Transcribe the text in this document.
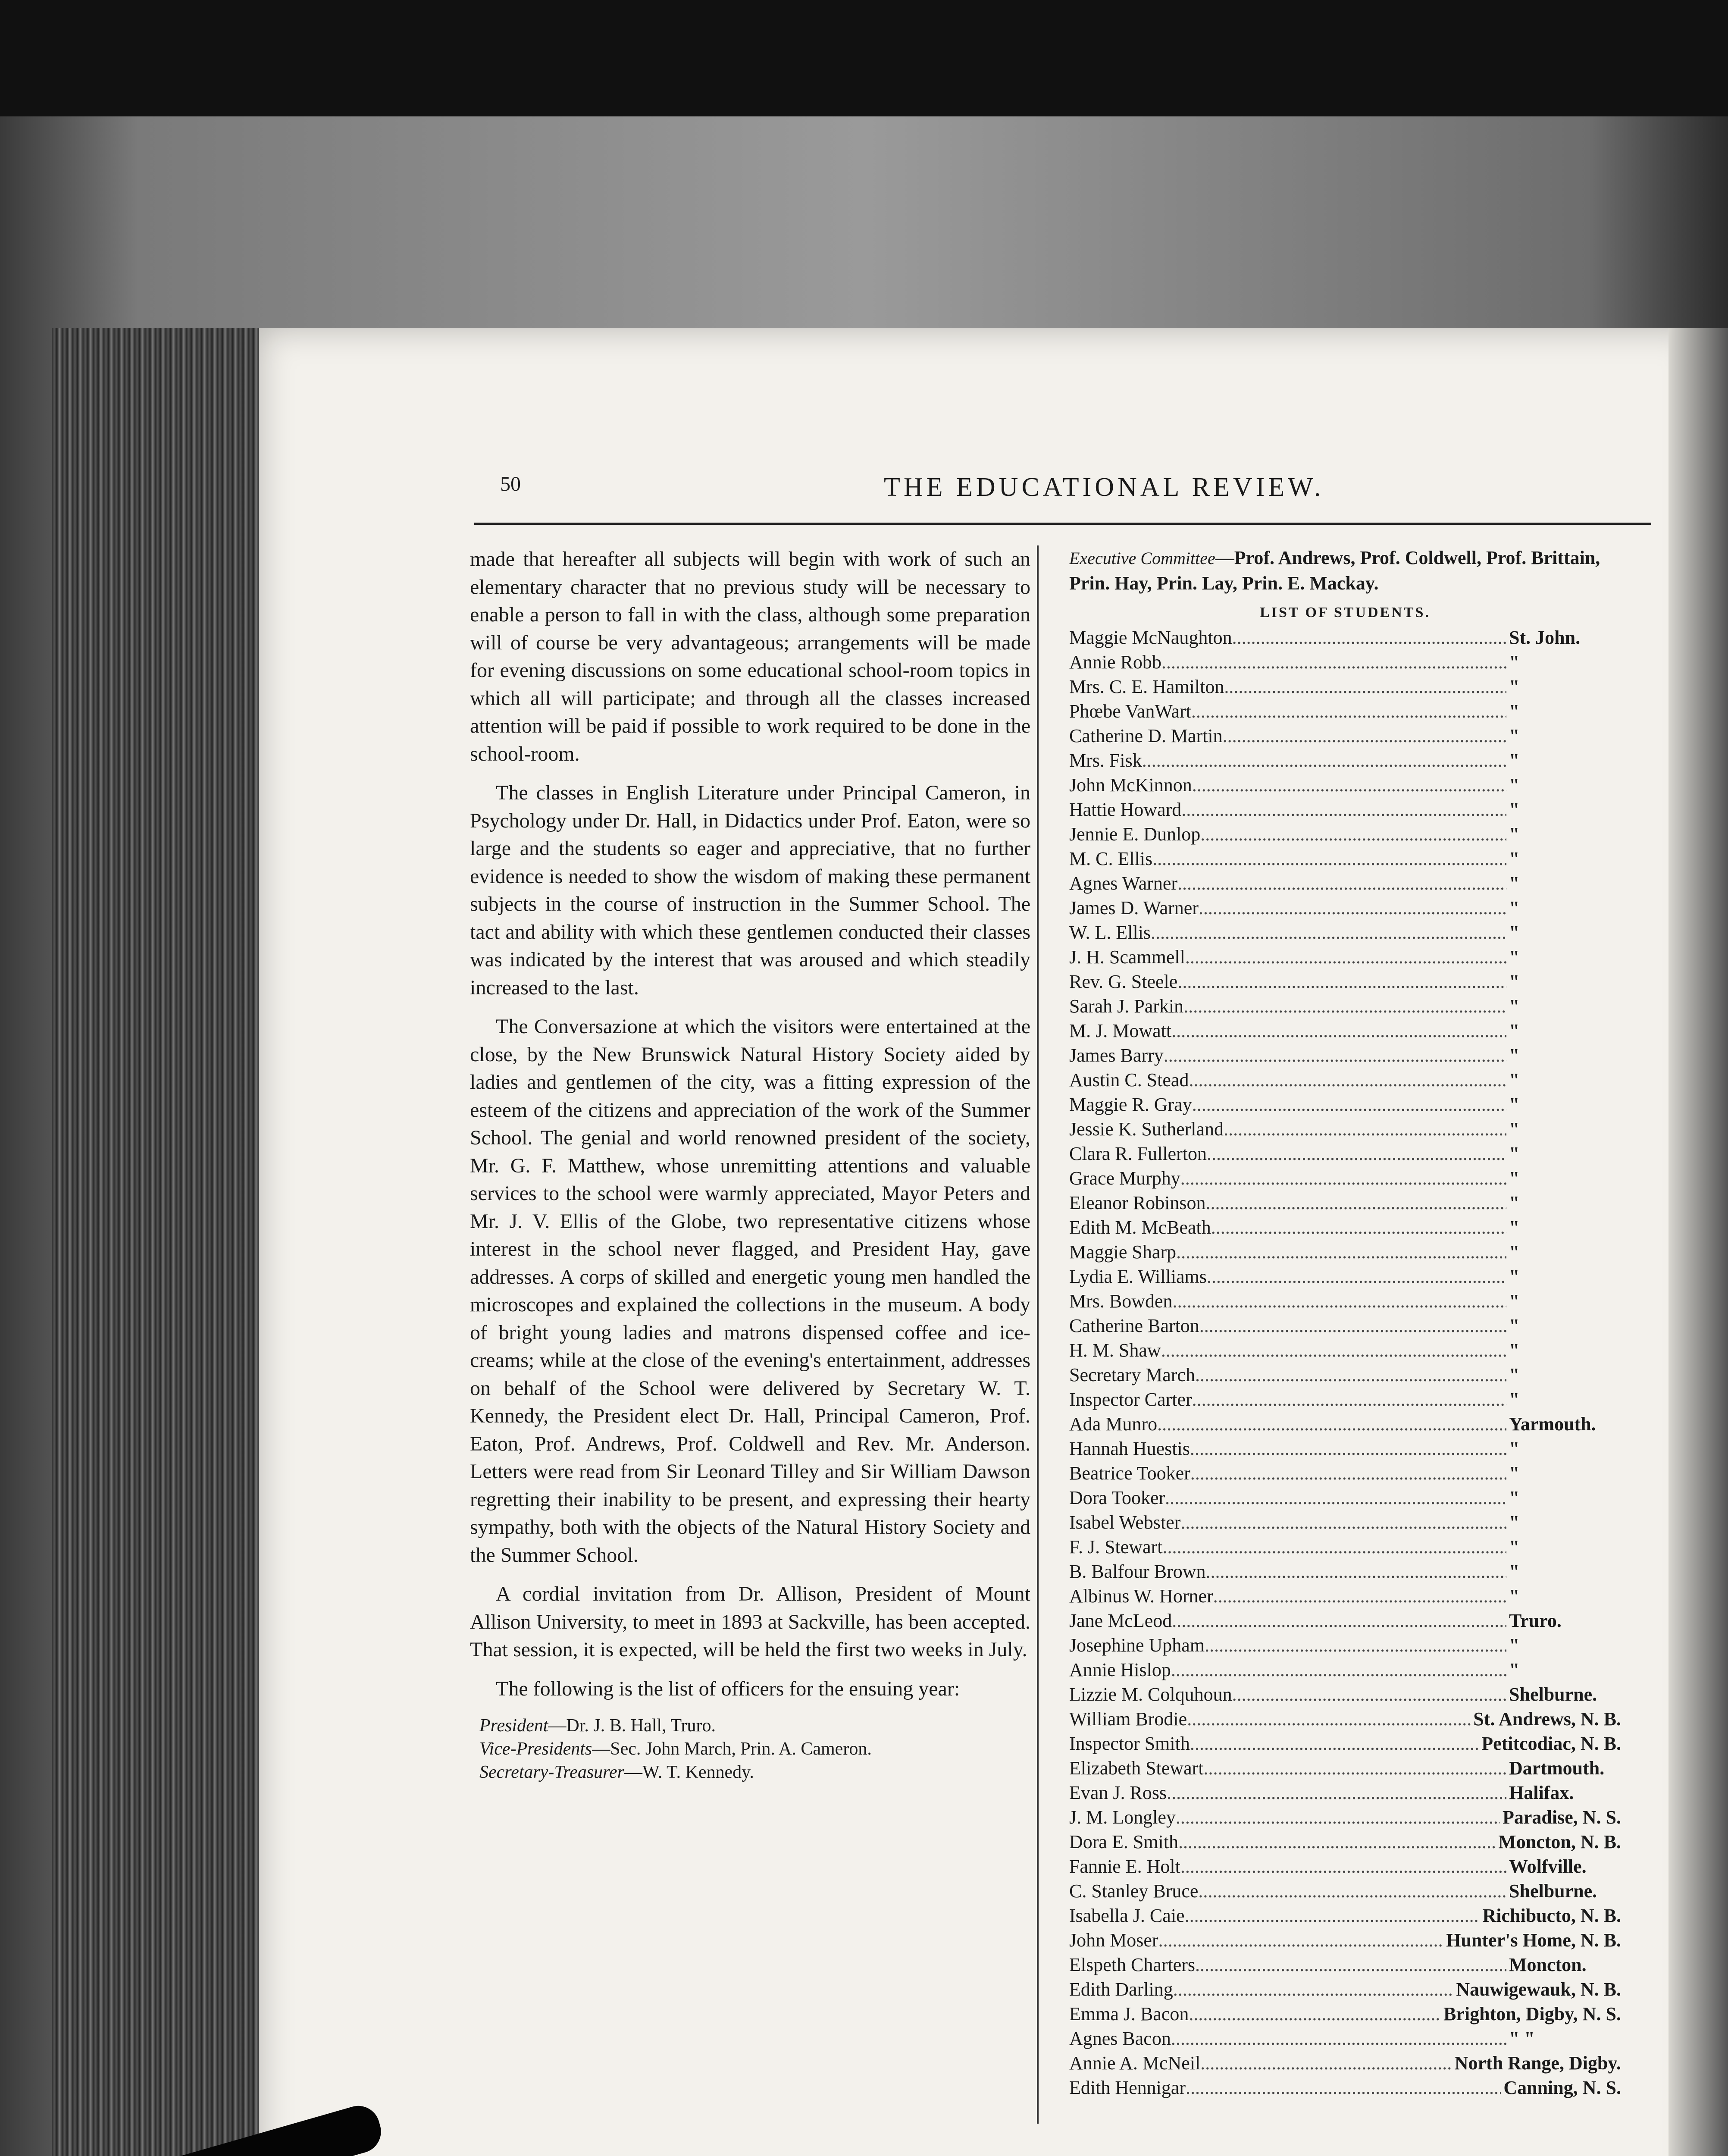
50	THE EDUCATIONAL REVIEW.

made that hereafter all subjects will begin with work of such an elementary character that no previous study will be necessary to enable a person to fall in with the class, although some preparation will of course be very advantageous; arrangements will be made for evening discussions on some educational school-room topics in which all will participate; and through all the classes increased attention will be paid if possible to work required to be done in the school-room.

The classes in English Literature under Principal Cameron, in Psychology under Dr. Hall, in Didactics under Prof. Eaton, were so large and the students so eager and appreciative, that no further evidence is needed to show the wisdom of making these permanent subjects in the course of instruction in the Summer School. The tact and ability with which these gentlemen conducted their classes was indicated by the interest that was aroused and which steadily increased to the last.

The Conversazione at which the visitors were entertained at the close, by the New Brunswick Natural History Society aided by ladies and gentlemen of the city, was a fitting expression of the esteem of the citizens and appreciation of the work of the Summer School. The genial and world renowned president of the society, Mr. G. F. Matthew, whose unremitting attentions and valuable services to the school were warmly appreciated, Mayor Peters and Mr. J. V. Ellis of the Globe, two representative citizens whose interest in the school never flagged, and President Hay, gave addresses. A corps of skilled and energetic young men handled the microscopes and explained the collections in the museum. A body of bright young ladies and matrons dispensed coffee and ice-creams; while at the close of the evening's entertainment, addresses on behalf of the School were delivered by Secretary W. T. Kennedy, the President elect Dr. Hall, Principal Cameron, Prof. Eaton, Prof. Andrews, Prof. Coldwell and Rev. Mr. Anderson. Letters were read from Sir Leonard Tilley and Sir William Dawson regretting their inability to be present, and expressing their hearty sympathy, both with the objects of the Natural History Society and the Summer School.

A cordial invitation from Dr. Allison, President of Mount Allison University, to meet in 1893 at Sackville, has been accepted. That session, it is expected, will be held the first two weeks in July.

The following is the list of officers for the ensuing year:

President—Dr. J. B. Hall, Truro.
Vice-Presidents—Sec. John March, Prin. A. Cameron.
Secretary-Treasurer—W. T. Kennedy.
Executive Committee—Prof. Andrews, Prof. Coldwell, Prof. Brittain, Prin. Hay, Prin. Lay, Prin. E. Mackay.
LIST OF STUDENTS.
Maggie McNaughton .....	St. John.
Annie Robb .....	"
Mrs. C. E. Hamilton .....	"
Phœbe VanWart .....	"
Catherine D. Martin .....	"
Mrs. Fisk .....	"
John McKinnon .....	"
Hattie Howard .....	"
Jennie E. Dunlop .....	"
M. C. Ellis .....	"
Agnes Warner .....	"
James D. Warner .....	"
W. L. Ellis .....	"
J. H. Scammell .....	"
Rev. G. Steele .....	"
Sarah J. Parkin .....	"
M. J. Mowatt .....	"
James Barry .....	"
Austin C. Stead .....	"
Maggie R. Gray .....	"
Jessie K. Sutherland .....	"
Clara R. Fullerton .....	"
Grace Murphy .....	"
Eleanor Robinson .....	"
Edith M. McBeath .....	"
Maggie Sharp .....	"
Lydia E. Williams .....	"
Mrs. Bowden .....	"
Catherine Barton .....	"
H. M. Shaw .....	"
Secretary March .....	"
Inspector Carter .....	"
Ada Munro .....	Yarmouth.
Hannah Huestis .....	"
Beatrice Tooker .....	"
Dora Tooker .....	"
Isabel Webster .....	"
F. J. Stewart .....	"
B. Balfour Brown .....	"
Albinus W. Horner .....	"
Jane McLeod .....	Truro.
Josephine Upham .....	"
Annie Hislop .....	"
Lizzie M. Colquhoun .....	Shelburne.
William Brodie .....	St. Andrews, N. B.
Inspector Smith .....	Petitcodiac, N. B.
Elizabeth Stewart .....	Dartmouth.
Evan J. Ross .....	Halifax.
J. M. Longley .....	Paradise, N. S.
Dora E. Smith .....	Moncton, N. B.
Fannie E. Holt .....	Wolfville.
C. Stanley Bruce .....	Shelburne.
Isabella J. Caie .....	Richibucto, N. B.
John Moser .....	Hunter's Home, N. B.
Elspeth Charters .....	Moncton.
Edith Darling .....	Nauwigewauk, N. B.
Emma J. Bacon .....	Brighton, Digby, N. S.
Agnes Bacon .....	" "
Annie A. McNeil .....	North Range, Digby.
Edith Hennigar .....	Canning, N. S.
